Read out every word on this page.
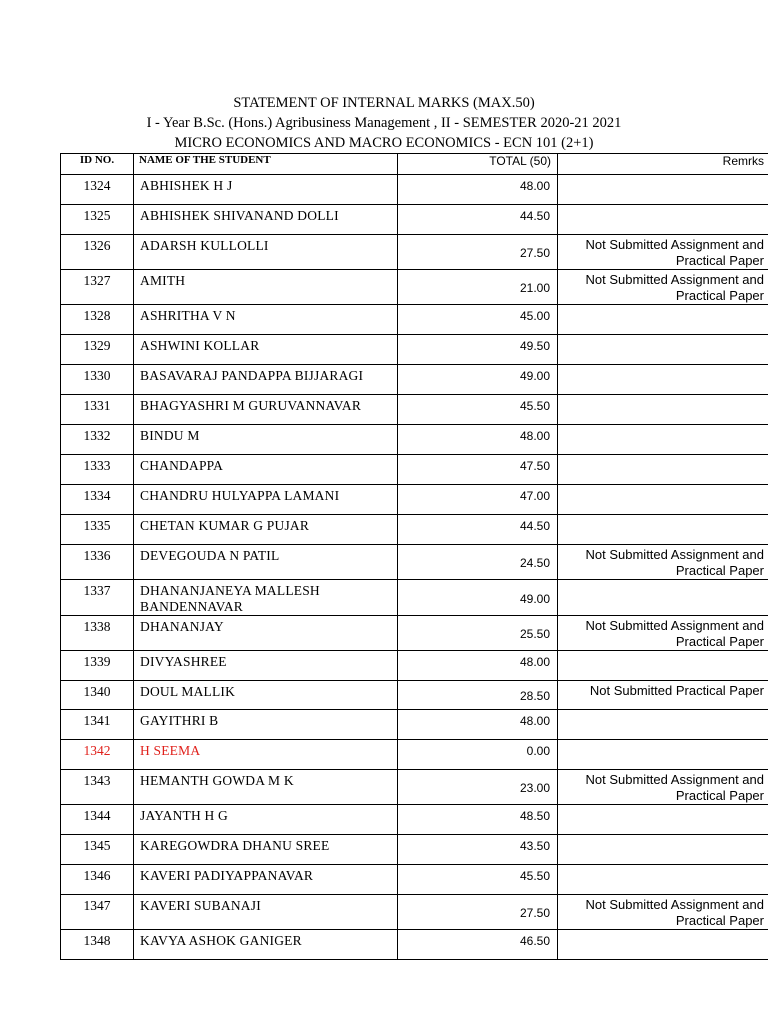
STATEMENT OF INTERNAL MARKS (MAX.50)
I - Year B.Sc. (Hons.) Agribusiness Management , II - SEMESTER 2020-21 2021
MICRO ECONOMICS AND MACRO ECONOMICS - ECN 101 (2+1)
ID NO.	NAME OF THE STUDENT	TOTAL (50)	Remrks
1324	ABHISHEK H J	48.00	
1325	ABHISHEK SHIVANAND DOLLI	44.50	
1326	ADARSH KULLOLLI	27.50	Not Submitted Assignment and Practical Paper
1327	AMITH	21.00	Not Submitted Assignment and Practical Paper
1328	ASHRITHA V N	45.00	
1329	ASHWINI KOLLAR	49.50	
1330	BASAVARAJ PANDAPPA BIJJARAGI	49.00	
1331	BHAGYASHRI M GURUVANNAVAR	45.50	
1332	BINDU M	48.00	
1333	CHANDAPPA	47.50	
1334	CHANDRU HULYAPPA LAMANI	47.00	
1335	CHETAN KUMAR G PUJAR	44.50	
1336	DEVEGOUDA N PATIL	24.50	Not Submitted Assignment and Practical Paper
1337	DHANANJANEYA MALLESH BANDENNAVAR	49.00	
1338	DHANANJAY	25.50	Not Submitted Assignment and Practical Paper
1339	DIVYASHREE	48.00	
1340	DOUL MALLIK	28.50	Not Submitted Practical Paper
1341	GAYITHRI B	48.00	
1342	H SEEMA	0.00	
1343	HEMANTH GOWDA M K	23.00	Not Submitted Assignment and Practical Paper
1344	JAYANTH H G	48.50	
1345	KAREGOWDRA DHANU SREE	43.50	
1346	KAVERI PADIYAPPANAVAR	45.50	
1347	KAVERI SUBANAJI	27.50	Not Submitted Assignment and Practical Paper
1348	KAVYA ASHOK GANIGER	46.50	
